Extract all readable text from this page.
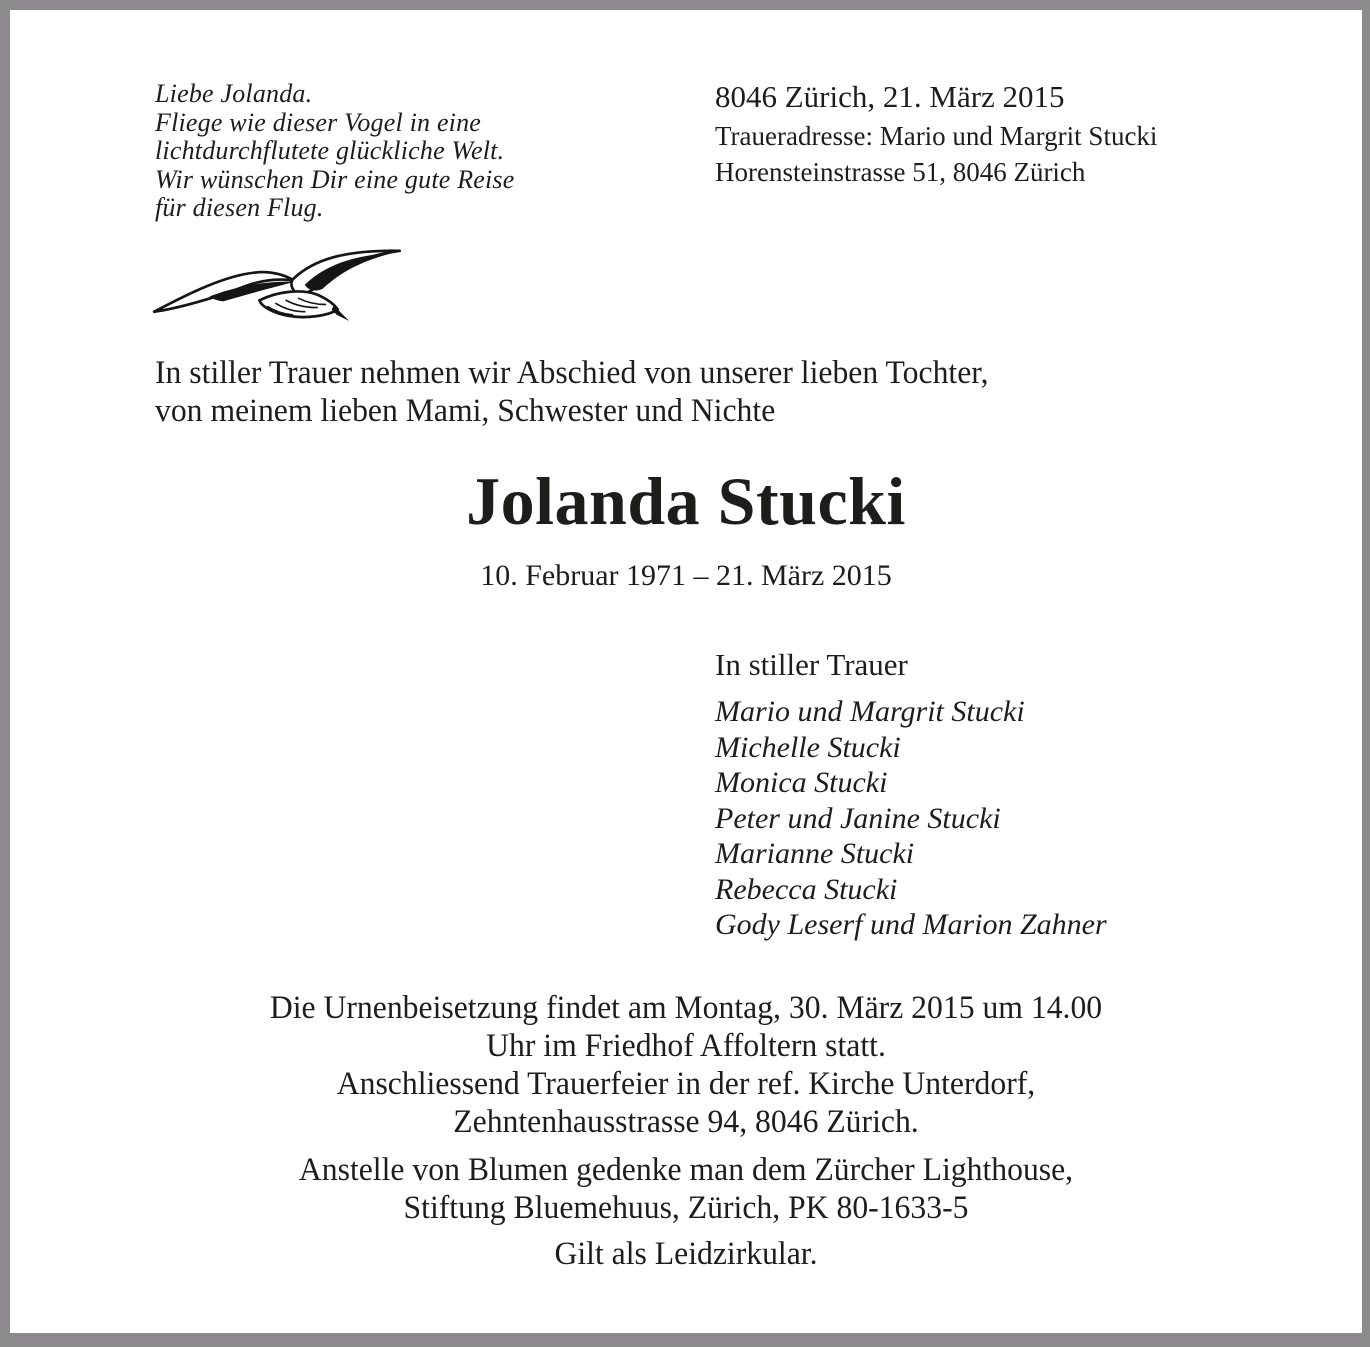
Liebe Jolanda.
Fliege wie dieser Vogel in eine
lichtdurchflutete glückliche Welt.
Wir wünschen Dir eine gute Reise
für diesen Flug.
8046 Zürich, 21. März 2015
Traueradresse: Mario und Margrit Stucki
Horensteinstrasse 51, 8046 Zürich
In stiller Trauer nehmen wir Abschied von unserer lieben Tochter,
von meinem lieben Mami, Schwester und Nichte
Jolanda Stucki
10. Februar 1971 – 21. März 2015
In stiller Trauer
Mario und Margrit Stucki
Michelle Stucki
Monica Stucki
Peter und Janine Stucki
Marianne Stucki
Rebecca Stucki
Gody Leserf und Marion Zahner
Die Urnenbeisetzung findet am Montag, 30. März 2015 um 14.00
Uhr im Friedhof Affoltern statt.
Anschliessend Trauerfeier in der ref. Kirche Unterdorf,
Zehntenhausstrasse 94, 8046 Zürich.
Anstelle von Blumen gedenke man dem Zürcher Lighthouse,
Stiftung Bluemehuus, Zürich, PK 80-1633-5
Gilt als Leidzirkular.
